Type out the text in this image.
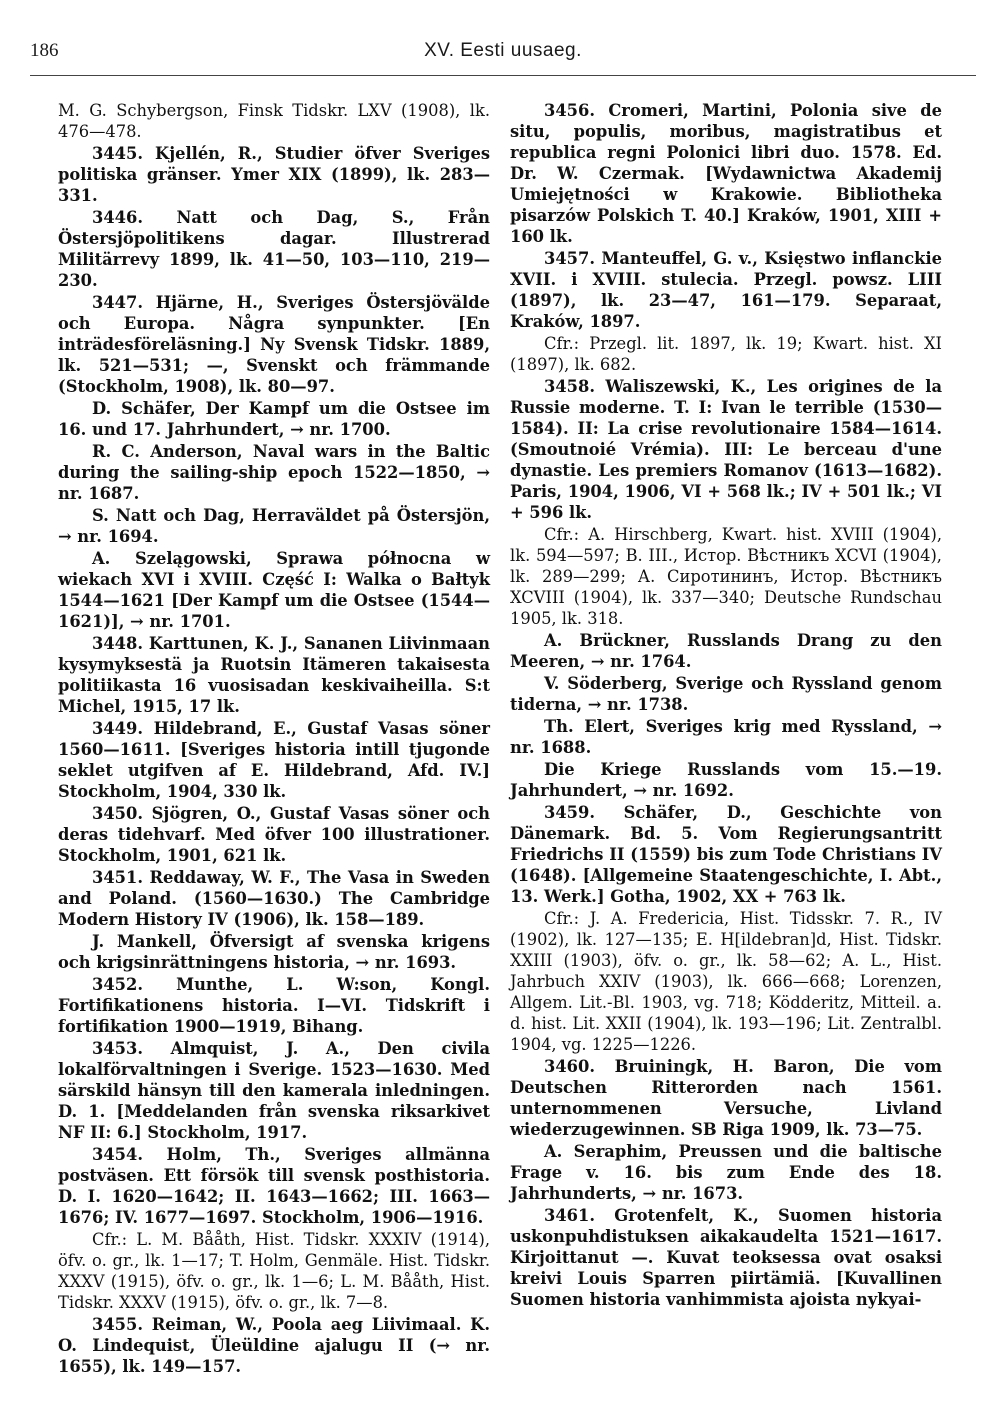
186	XV. Eesti uusaeg.

M. G. Schybergson, Finsk Tidskr. LXV (1908), lk. 476—478.

3445. Kjellén, R., Studier öfver Sveriges politiska gränser. Ymer XIX (1899), lk. 283—331.

3446. Natt och Dag, S., Från Östersjöpolitikens dagar. Illustrerad Militärrevy 1899, lk. 41—50, 103—110, 219—230.

3447. Hjärne, H., Sveriges Östersjövälde och Europa. Några synpunkter. [En inträdesföreläsning.] Ny Svensk Tidskr. 1889, lk. 521—531; —, Svenskt och främmande (Stockholm, 1908), lk. 80—97.

D. Schäfer, Der Kampf um die Ostsee im 16. und 17. Jahrhundert, → nr. 1700.

R. C. Anderson, Naval wars in the Baltic during the sailing-ship epoch 1522—1850, → nr. 1687.

S. Natt och Dag, Herraväldet på Östersjön, → nr. 1694.

A. Szelągowski, Sprawa północna w wiekach XVI i XVIII. Część I: Walka o Bałtyk 1544—1621 [Der Kampf um die Ostsee (1544—1621)], → nr. 1701.

3448. Karttunen, K. J., Sananen Liivinmaan kysymyksestä ja Ruotsin Itämeren takaisesta politiikasta 16 vuosisadan keskivaiheilla. S:t Michel, 1915, 17 lk.

3449. Hildebrand, E., Gustaf Vasas söner 1560—1611. [Sveriges historia intill tjugonde seklet utgifven af E. Hildebrand, Afd. IV.] Stockholm, 1904, 330 lk.

3450. Sjögren, O., Gustaf Vasas söner och deras tidehvarf. Med öfver 100 illustrationer. Stockholm, 1901, 621 lk.

3451. Reddaway, W. F., The Vasa in Sweden and Poland. (1560—1630.) The Cambridge Modern History IV (1906), lk. 158—189.

J. Mankell, Öfversigt af svenska krigens och krigsinrättningens historia, → nr. 1693.

3452. Munthe, L. W:son, Kongl. Fortifikationens historia. I—VI. Tidskrift i fortifikation 1900—1919, Bihang.

3453. Almquist, J. A., Den civila lokalförvaltningen i Sverige. 1523—1630. Med särskild hänsyn till den kamerala inledningen. D. 1. [Meddelanden från svenska riksarkivet NF II: 6.] Stockholm, 1917.

3454. Holm, Th., Sveriges allmänna postväsen. Ett försök till svensk posthistoria. D. I. 1620—1642; II. 1643—1662; III. 1663—1676; IV. 1677—1697. Stockholm, 1906—1916.

Cfr.: L. M. Bååth, Hist. Tidskr. XXXIV (1914), öfv. o. gr., lk. 1—17; T. Holm, Genmäle. Hist. Tidskr. XXXV (1915), öfv. o. gr., lk. 1—6; L. M. Bååth, Hist. Tidskr. XXXV (1915), öfv. o. gr., lk. 7—8.

3455. Reiman, W., Poola aeg Liivimaal. K. O. Lindequist, Üleüldine ajalugu II (→ nr. 1655), lk. 149—157.

3456. Cromeri, Martini, Polonia sive de situ, populis, moribus, magistratibus et republica regni Polonici libri duo. 1578. Ed. Dr. W. Czermak. [Wydawnictwa Akademij Umiejętności w Krakowie. Bibliotheka pisarzów Polskich T. 40.] Kraków, 1901, XIII + 160 lk.

3457. Manteuffel, G. v., Księstwo inflanckie XVII. i XVIII. stulecia. Przegl. powsz. LIII (1897), lk. 23—47, 161—179. Separaat, Kraków, 1897.

Cfr.: Przegl. lit. 1897, lk. 19; Kwart. hist. XI (1897), lk. 682.

3458. Waliszewski, K., Les origines de la Russie moderne. T. I: Ivan le terrible (1530—1584). II: La crise revolutionaire 1584—1614. (Smoutnoié Vrémia). III: Le berceau d'une dynastie. Les premiers Romanov (1613—1682). Paris, 1904, 1906, VI + 568 lk.; IV + 501 lk.; VI + 596 lk.

Cfr.: A. Hirschberg, Kwart. hist. XVIII (1904), lk. 594—597; B. III., Истор. Вѣстникъ XCVI (1904), lk. 289—299; А. Сиротининъ, Истор. Вѣстникъ XCVIII (1904), lk. 337—340; Deutsche Rundschau 1905, lk. 318.

A. Brückner, Russlands Drang zu den Meeren, → nr. 1764.

V. Söderberg, Sverige och Ryssland genom tiderna, → nr. 1738.

Th. Elert, Sveriges krig med Ryssland, → nr. 1688.

Die Kriege Russlands vom 15.—19. Jahrhundert, → nr. 1692.

3459. Schäfer, D., Geschichte von Dänemark. Bd. 5. Vom Regierungsantritt Friedrichs II (1559) bis zum Tode Christians IV (1648). [Allgemeine Staatengeschichte, I. Abt., 13. Werk.] Gotha, 1902, XX + 763 lk.

Cfr.: J. A. Fredericia, Hist. Tidsskr. 7. R., IV (1902), lk. 127—135; E. H[ildebran]d, Hist. Tidskr. XXIII (1903), öfv. o. gr., lk. 58—62; A. L., Hist. Jahrbuch XXIV (1903), lk. 666—668; Lorenzen, Allgem. Lit.-Bl. 1903, vg. 718; Ködderitz, Mitteil. a. d. hist. Lit. XXII (1904), lk. 193—196; Lit. Zentralbl. 1904, vg. 1225—1226.

3460. Bruiningk, H. Baron, Die vom Deutschen Ritterorden nach 1561. unternommenen Versuche, Livland wiederzugewinnen. SB Riga 1909, lk. 73—75.

A. Seraphim, Preussen und die baltische Frage v. 16. bis zum Ende des 18. Jahrhunderts, → nr. 1673.

3461. Grotenfelt, K., Suomen historia uskonpuhdistuksen aikakaudelta 1521—1617. Kirjoittanut —. Kuvat teoksessa ovat osaksi kreivi Louis Sparren piirtämiä. [Kuvallinen Suomen historia vanhimmista ajoista nykyai-
